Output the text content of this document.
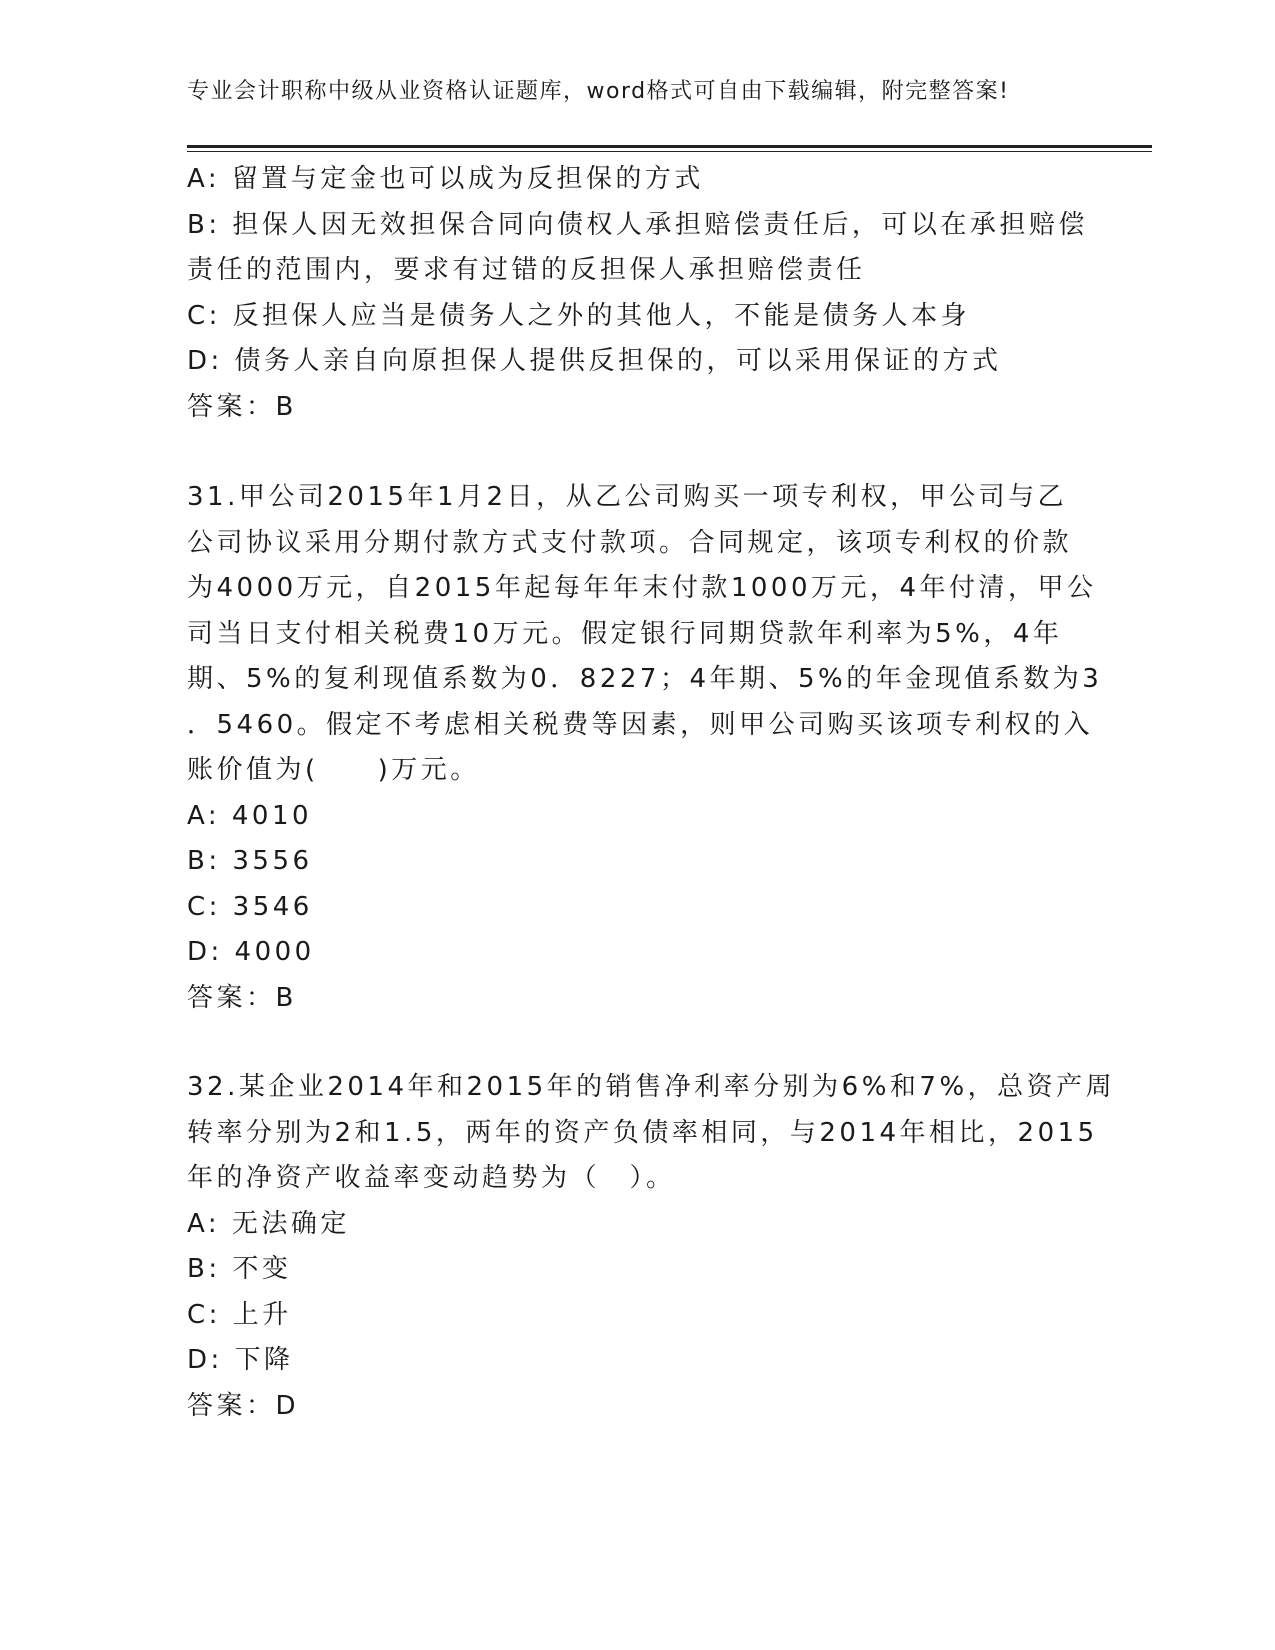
专业会计职称中级从业资格认证题库，word格式可自由下载编辑，附完整答案!
A: 留置与定金也可以成为反担保的方式
B: 担保人因无效担保合同向债权人承担赔偿责任后，可以在承担赔偿
责任的范围内，要求有过错的反担保人承担赔偿责任
C: 反担保人应当是债务人之外的其他人，不能是债务人本身
D: 债务人亲自向原担保人提供反担保的，可以采用保证的方式
答案：B
31.甲公司2015年1月2日，从乙公司购买一项专利权，甲公司与乙
公司协议采用分期付款方式支付款项。合同规定，该项专利权的价款
为4000万元，自2015年起每年年末付款1000万元，4年付清，甲公
司当日支付相关税费10万元。假定银行同期贷款年利率为5%，4年
期、5%的复利现值系数为0．8227；4年期、5%的年金现值系数为3
．5460。假定不考虑相关税费等因素，则甲公司购买该项专利权的入
账价值为(　　)万元。
A: 4010
B: 3556
C: 3546
D: 4000
答案：B
32.某企业2014年和2015年的销售净利率分别为6%和7%，总资产周
转率分别为2和1.5，两年的资产负债率相同，与2014年相比，2015
年的净资产收益率变动趋势为（　）。
A: 无法确定
B: 不变
C: 上升
D: 下降
答案：D
